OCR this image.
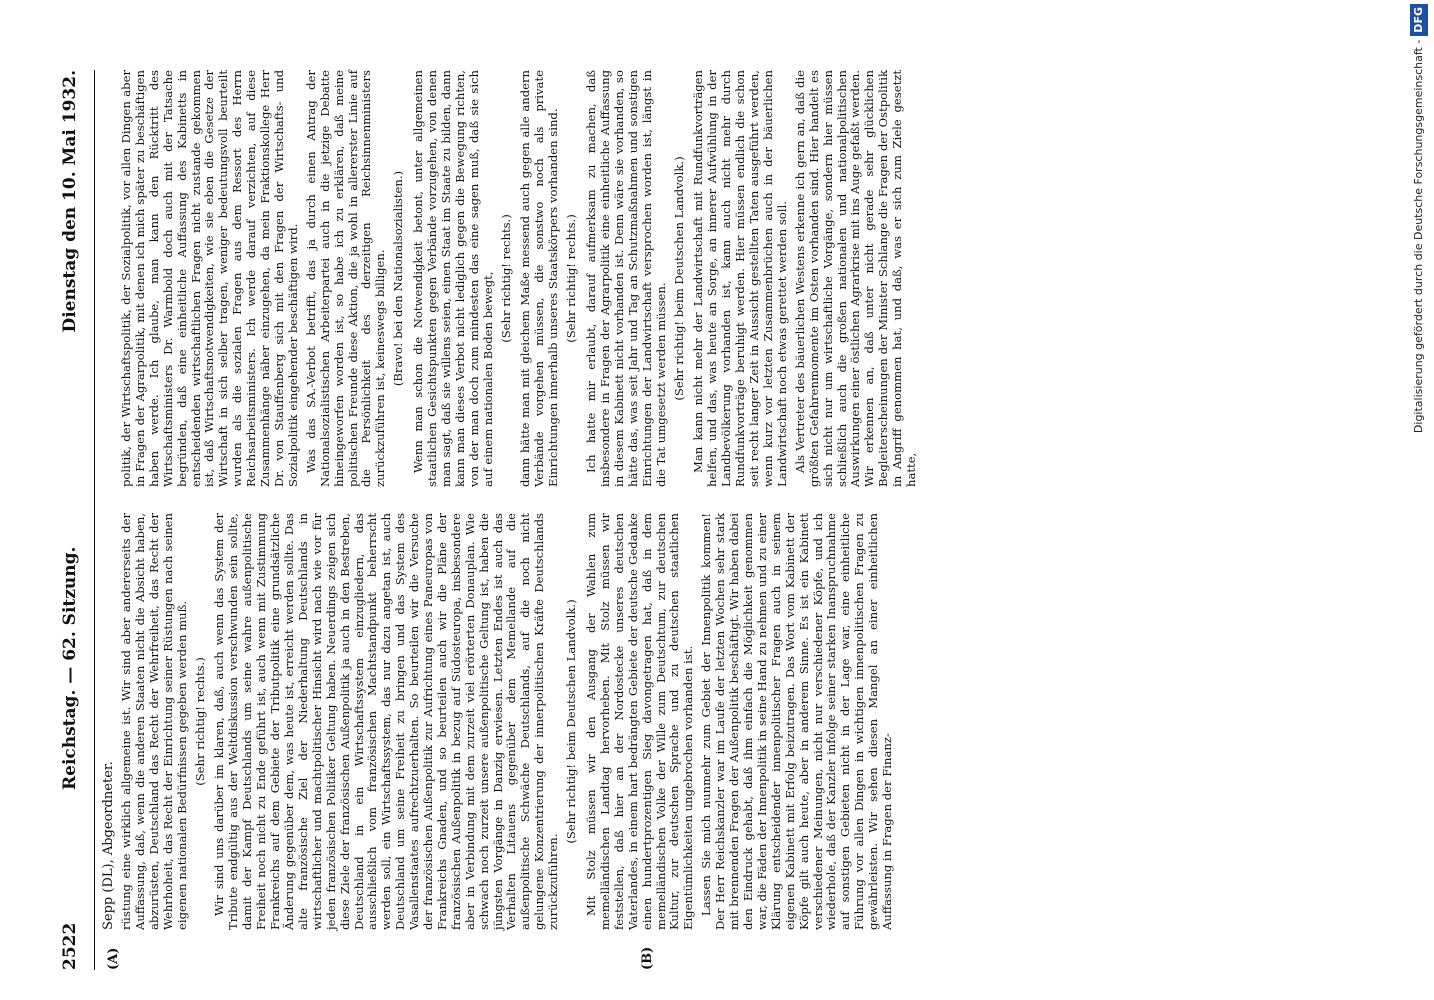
2522
Reichstag. — 62. Sitzung.
Dienstag den 10. Mai 1932.
Sepp (DL), Abgeordneter.
(A)	(B)

rüstung eine wirklich allgemeine ist. Wir sind aber andererseits der Auffassung, daß, wenn die anderen Staaten nicht die Absicht haben, abzurüsten, Deutschland das Recht der Wehrfreiheit, das Recht der Wehrhoheit, das Recht der Einrichtung seiner Rüstungen nach seinen eigenen nationalen Bedürfnissen gegeben werden muß. (Sehr richtig! rechts.) Wir sind uns darüber im klaren, daß, auch wenn das System der Tribute endgültig aus der Weltdiskussion verschwunden sein sollte, damit der Kampf Deutschlands um seine wahre außenpolitische Freiheit noch nicht zu Ende geführt ist, auch wenn mit Zustimmung Frankreichs auf dem Gebiete der Tributpolitik eine grundsätzliche Änderung gegenüber dem, was heute ist, erreicht werden sollte. Das alte französische Ziel der Niederhaltung Deutschlands in wirtschaftlicher und machtpolitischer Hinsicht wird nach wie vor für jeden französischen Politiker Geltung haben. Neuerdings zeigen sich diese Ziele der französischen Außenpolitik ja auch in den Bestreben, Deutschland in ein Wirtschaftssystem einzugliedern, das ausschließlich vom französischen Machtstandpunkt beherrscht werden soll, ein Wirtschaftssystem, das nur dazu angetan ist, auch Deutschland um seine Freiheit zu bringen und das System des Vasallenstaates aufrechtzuerhalten. So beurteilen wir die Versuche der französischen Außenpolitik zur Aufrichtung eines Paneuropas von Frankreichs Gnaden, und so beurteilen auch wir die Pläne der französischen Außenpolitik in bezug auf Südosteuropa, insbesondere aber in Verbindung mit dem zurzeit viel erörterten Donauplan. Wie schwach noch zurzeit unsere außenpolitische Geltung ist, haben die jüngsten Vorgänge in Danzig erwiesen. Letzten Endes ist auch das Verhalten Litauens gegenüber dem Memellande auf die außenpolitische Schwäche Deutschlands, auf die noch nicht gelungene Konzentrierung der innerpolitischen Kräfte Deutschlands zurückzuführen.

(Sehr richtig! beim Deutschen Landvolk.) Mit Stolz müssen wir den Ausgang der Wahlen zum memelländischen Landtag hervorheben. Mit Stolz müssen wir feststellen, daß hier an der Nordostecke unseres deutschen Vaterlandes, in einem hart bedrängten Gebiete der deutsche Gedanke einen hundertprozentigen Sieg davongetragen hat, daß in dem memelländischen Volke der Wille zum Deutschtum, zur deutschen Kultur, zur deutschen Sprache und zu deutschen staatlichen Eigentümlichkeiten ungebrochen vorhanden ist. Lassen Sie mich nunmehr zum Gebiet der Innenpolitik kommen! Der Herr Reichskanzler war im Laufe der letzten Wochen sehr stark mit brennenden Fragen der Außenpolitik beschäftigt. Wir haben dabei den Eindruck gehabt, daß ihm einfach die Möglichkeit genommen war, die Fäden der Innenpolitik in seine Hand zu nehmen und zu einer Klärung entscheidender innenpolitischer Fragen auch in seinem eigenen Kabinett mit Erfolg beizutragen. Das Wort vom Kabinett der Köpfe gilt auch heute, aber in anderem Sinne. Es ist ein Kabinett verschiedener Meinungen, nicht nur verschiedener Köpfe, und ich wiederhole, daß der Kanzler infolge seiner starken Inanspruchnahme auf sonstigen Gebieten nicht in der Lage war, eine einheitliche Führung vor allen Dingen in wichtigen innenpolitischen Fragen zu gewährleisten. Wir sehen diesen Mangel an einer einheitlichen Auffassung in Fragen der Finanz-

politik, der Wirtschaftspolitik, der Sozialpolitik, vor allen Dingen aber in Fragen der Agrarpolitik, mit denen ich mich später zu beschäftigen haben werde. Ich glaube, man kann den Rücktritt des Wirtschaftsministers Dr. Warmbold doch auch mit der Tatsache begründen, daß eine einheitliche Auffassung des Kabinetts in entscheidenden wirtschaftlichen Fragen nicht zustande gekommen ist, daß Wirtschaftsnotwendigkeiten, wie sie eben die Gesetze der Wirtschaft in sich selber tragen, weniger bedeutungsvoll beurteilt wurden als die sozialen Fragen aus dem Ressort des Herrn Reichsarbeitsministers. Ich werde darauf verzichten, auf diese Zusammenhänge näher einzugehen, da mein Fraktionskollege Herr Dr. von Stauffenberg sich mit den Fragen der Wirtschafts- und Sozialpolitik eingehender beschäftigen wird. Was das SA.-Verbot betrifft, das ja durch einen Antrag der Nationalsozialistischen Arbeiterpartei auch in die jetzige Debatte hineingeworfen worden ist, so habe ich zu erklären, daß meine politischen Freunde diese Aktion, die ja wohl in allererster Linie auf die Persönlichkeit des derzeitigen Reichsinnenministers zurückzuführen ist, keineswegs billigen. (Bravo! bei den Nationalsozialisten.) Wenn man schon die Notwendigkeit betont, unter allgemeinen staatlichen Gesichtspunkten gegen Verbände vorzugehen, von denen man sagt, daß sie willens seien, einen Staat im Staate zu bilden, dann kann man dieses Verbot nicht lediglich gegen die Bewegung richten, von der man doch zum mindesten das eine sagen muß, daß sie sich auf einem nationalen Boden bewegt, (Sehr richtig! rechts.) dann hätte man mit gleichem Maße messend auch gegen alle andern Verbände vorgehen müssen, die sonstwo noch als private Einrichtungen innerhalb unseres Staatskörpers vorhanden sind. (Sehr richtig! rechts.) Ich hatte mir erlaubt, darauf aufmerksam zu machen, daß insbesondere in Fragen der Agrarpolitik eine einheitliche Auffassung in diesem Kabinett nicht vorhanden ist. Denn wäre sie vorhanden, so hätte das, was seit Jahr und Tag an Schutzmaßnahmen und sonstigen Einrichtungen der Landwirtschaft versprochen worden ist, längst in die Tat umgesetzt werden müssen. (Sehr richtig! beim Deutschen Landvolk.) Man kann nicht mehr der Landwirtschaft mit Rundfunkvorträgen helfen, und das, was heute an Sorge, an innerer Aufwühlung in der Landbevölkerung vorhanden ist, kann auch nicht mehr durch Rundfunkvorträge beruhigt werden. Hier müssen endlich die schon seit recht langer Zeit in Aussicht gestellten Taten ausgeführt werden, wenn kurz vor letzten Zusammenbrüchen auch in der bäuerlichen Landwirtschaft noch etwas gerettet werden soll. Als Vertreter des bäuerlichen Westens erkenne ich gern an, daß die größten Gefahrenmomente im Osten vorhanden sind. Hier handelt es sich nicht nur um wirtschaftliche Vorgänge, sondern hier müssen schließlich auch die großen nationalen und nationalpolitischen Auswirkungen einer östlichen Agrarkrise mit ins Auge gefaßt werden. Wir erkennen an, daß unter nicht gerade sehr glücklichen Begleiterscheinungen der Minister Schlange die Fragen der Ostpolitik in Angriff genommen hat, und daß, was er sich zum Ziele gesetzt hatte,

Digitalisierung gefördert durch die Deutsche Forschungsgemeinschaft -DFG
